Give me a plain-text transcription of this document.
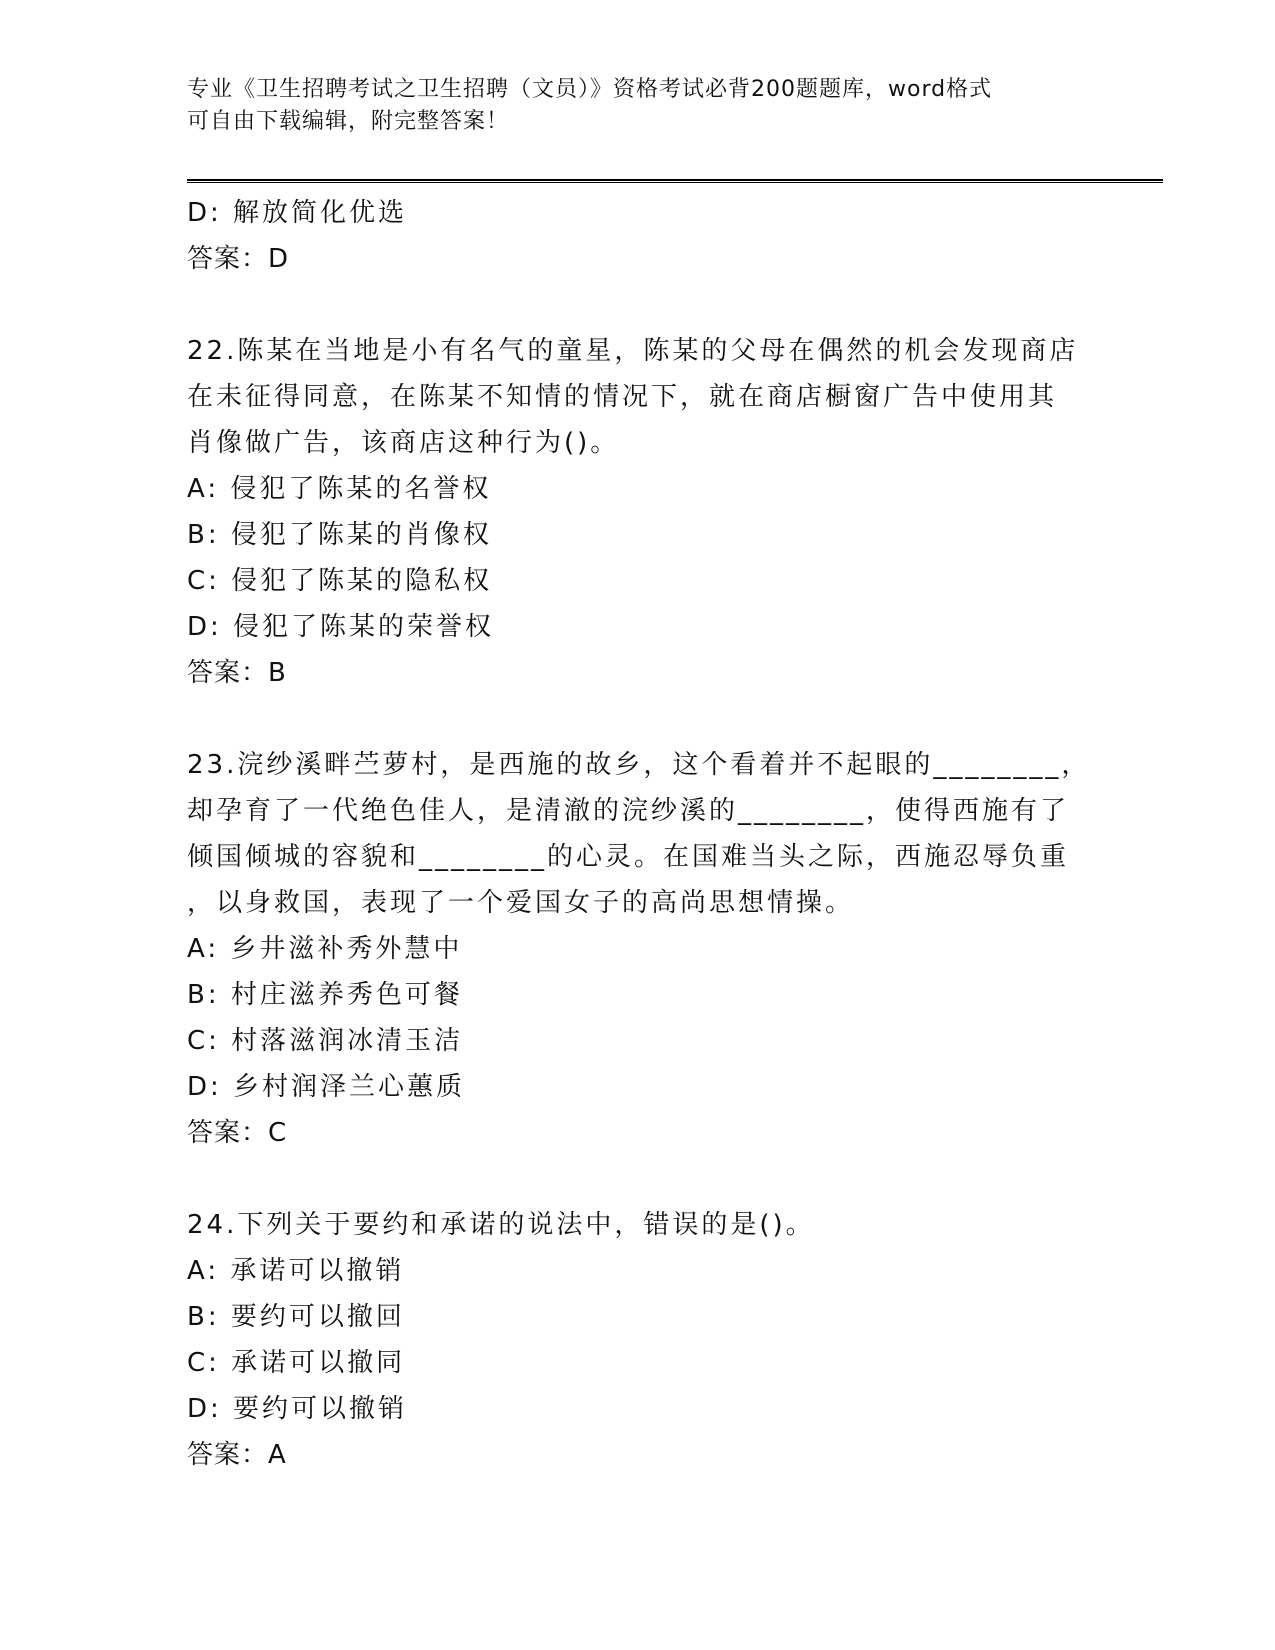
专业《卫生招聘考试之卫生招聘（文员）》资格考试必背200题题库，word格式
可自由下载编辑，附完整答案！
D: 解放简化优选
答案：D
22.陈某在当地是小有名气的童星，陈某的父母在偶然的机会发现商店
在未征得同意，在陈某不知情的情况下，就在商店橱窗广告中使用其
肖像做广告，该商店这种行为()。
A: 侵犯了陈某的名誉权
B: 侵犯了陈某的肖像权
C: 侵犯了陈某的隐私权
D: 侵犯了陈某的荣誉权
答案：B
23.浣纱溪畔苎萝村，是西施的故乡，这个看着并不起眼的________，
却孕育了一代绝色佳人，是清澈的浣纱溪的________，使得西施有了
倾国倾城的容貌和________的心灵。在国难当头之际，西施忍辱负重
，以身救国，表现了一个爱国女子的高尚思想情操。
A: 乡井滋补秀外慧中
B: 村庄滋养秀色可餐
C: 村落滋润冰清玉洁
D: 乡村润泽兰心蕙质
答案：C
24.下列关于要约和承诺的说法中，错误的是()。
A: 承诺可以撤销
B: 要约可以撤回
C: 承诺可以撤同
D: 要约可以撤销
答案：A
